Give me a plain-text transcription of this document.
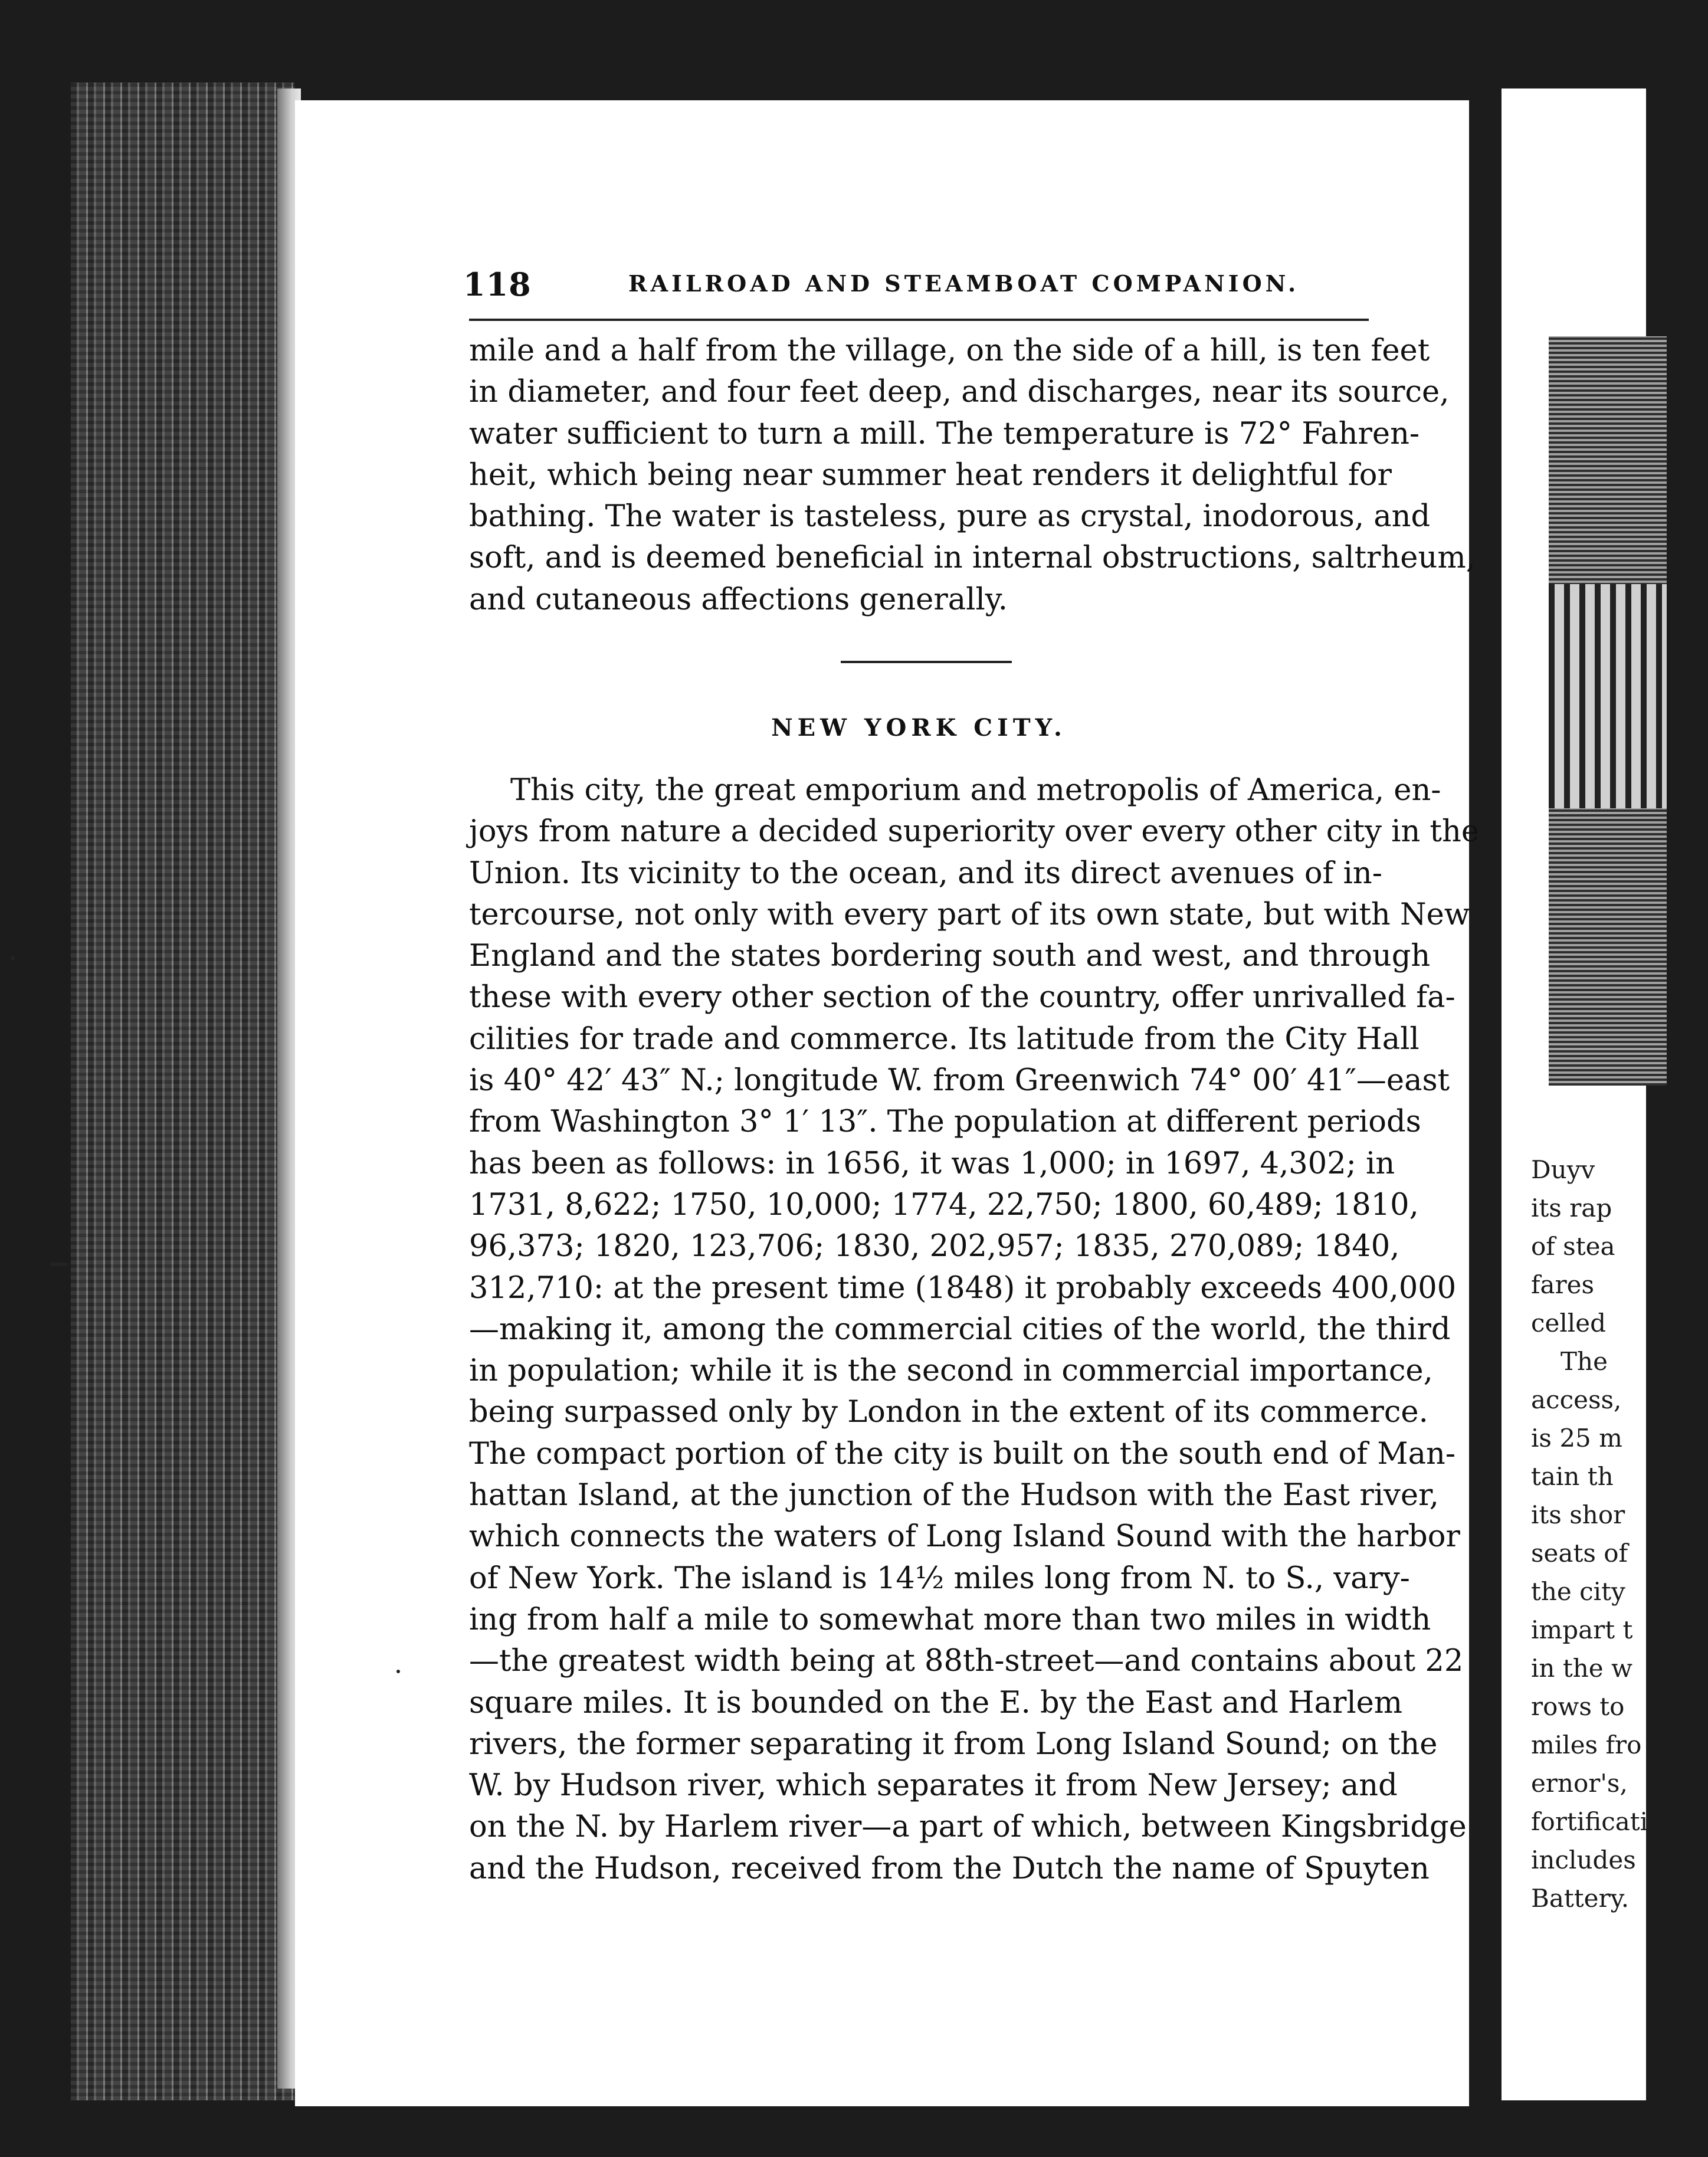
118	RAILROAD AND STEAMBOAT COMPANION.
mile and a half from the village, on the side of a hill, is ten feet
in diameter, and four feet deep, and discharges, near its source,
water sufficient to turn a mill. The temperature is 72° Fahren-
heit, which being near summer heat renders it delightful for
bathing. The water is tasteless, pure as crystal, inodorous, and
soft, and is deemed beneficial in internal obstructions, saltrheum,
and cutaneous affections generally.
NEW YORK CITY.
This city, the great emporium and metropolis of America, en-
joys from nature a decided superiority over every other city in the
Union. Its vicinity to the ocean, and its direct avenues of in-
tercourse, not only with every part of its own state, but with New
England and the states bordering south and west, and through
these with every other section of the country, offer unrivalled fa-
cilities for trade and commerce. Its latitude from the City Hall
is 40° 42′ 43″ N.; longitude W. from Greenwich 74° 00′ 41″—east
from Washington 3° 1′ 13″. The population at different periods
has been as follows: in 1656, it was 1,000; in 1697, 4,302; in
1731, 8,622; 1750, 10,000; 1774, 22,750; 1800, 60,489; 1810,
96,373; 1820, 123,706; 1830, 202,957; 1835, 270,089; 1840,
312,710: at the present time (1848) it probably exceeds 400,000
—making it, among the commercial cities of the world, the third
in population; while it is the second in commercial importance,
being surpassed only by London in the extent of its commerce.
The compact portion of the city is built on the south end of Man-
hattan Island, at the junction of the Hudson with the East river,
which connects the waters of Long Island Sound with the harbor
of New York. The island is 14½ miles long from N. to S., vary-
ing from half a mile to somewhat more than two miles in width
—the greatest width being at 88th-street—and contains about 22
square miles. It is bounded on the E. by the East and Harlem
rivers, the former separating it from Long Island Sound; on the
W. by Hudson river, which separates it from New Jersey; and
on the N. by Harlem river—a part of which, between Kingsbridge
and the Hudson, received from the Dutch the name of Spuyten
Duyv
its rap
of stea
fares
celled
The
access,
is 25 m
tain th
its shor
seats of
the city
impart t
in the w
rows to
miles fro
ernor's,
fortificati
includes
Battery.
